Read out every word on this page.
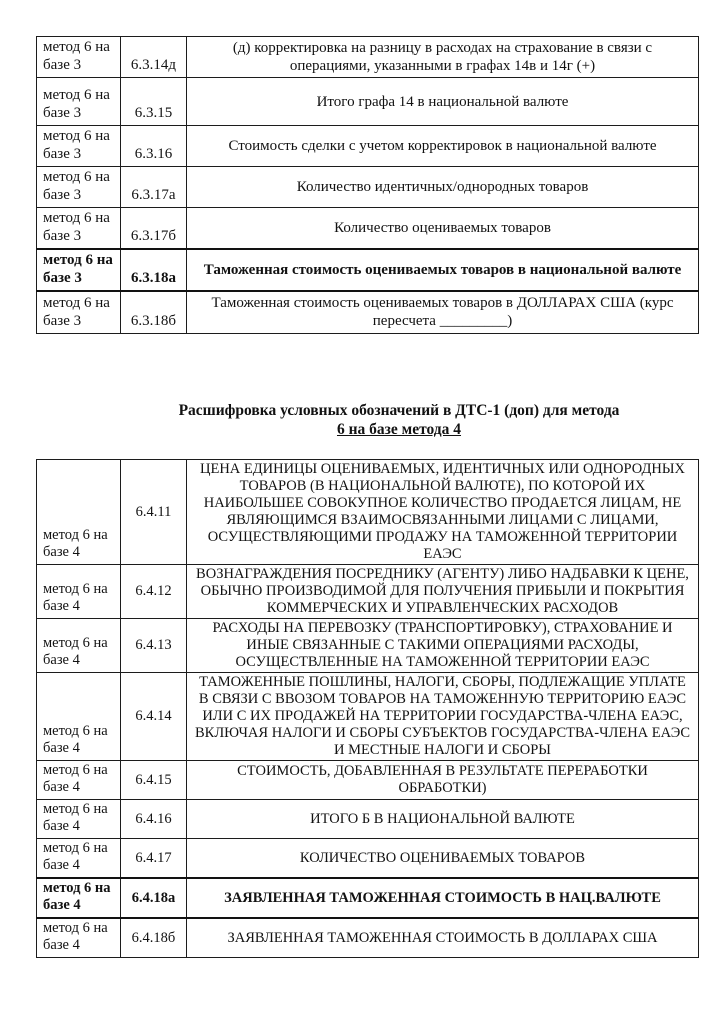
метод 6 на базе 3	6.3.14д	(д) корректировка на разницу в расходах на страхование в связи с операциями, указанными в графах 14в и 14г (+)
метод 6 на базе 3	6.3.15	Итого графа 14 в национальной валюте
метод 6 на базе 3	6.3.16	Стоимость сделки с учетом корректировок в национальной валюте
метод 6 на базе 3	6.3.17а	Количество идентичных/однородных товаров
метод 6 на базе 3	6.3.17б	Количество оцениваемых товаров
метод 6 на базе 3	6.3.18а	Таможенная стоимость оцениваемых товаров в национальной валюте
метод 6 на базе 3	6.3.18б	Таможенная стоимость оцениваемых товаров в ДОЛЛАРАХ США (курс пересчета _________)
Расшифровка условных обозначений в ДТС-1 (доп) для метода
6 на базе метода 4
метод 6 на базе 4	6.4.11	ЦЕНА ЕДИНИЦЫ ОЦЕНИВАЕМЫХ, ИДЕНТИЧНЫХ ИЛИ ОДНОРОДНЫХ ТОВАРОВ (В НАЦИОНАЛЬНОЙ ВАЛЮТЕ), ПО КОТОРОЙ ИХ НАИБОЛЬШЕЕ СОВОКУПНОЕ КОЛИЧЕСТВО ПРОДАЕТСЯ ЛИЦАМ, НЕ ЯВЛЯЮЩИМСЯ ВЗАИМОСВЯЗАННЫМИ ЛИЦАМИ С ЛИЦАМИ, ОСУЩЕСТВЛЯЮЩИМИ ПРОДАЖУ НА ТАМОЖЕННОЙ ТЕРРИТОРИИ ЕАЭС
метод 6 на базе 4	6.4.12	ВОЗНАГРАЖДЕНИЯ ПОСРЕДНИКУ (АГЕНТУ) ЛИБО НАДБАВКИ К ЦЕНЕ, ОБЫЧНО ПРОИЗВОДИМОЙ ДЛЯ ПОЛУЧЕНИЯ ПРИБЫЛИ И ПОКРЫТИЯ КОММЕРЧЕСКИХ И УПРАВЛЕНЧЕСКИХ РАСХОДОВ
метод 6 на базе 4	6.4.13	РАСХОДЫ НА ПЕРЕВОЗКУ (ТРАНСПОРТИРОВКУ), СТРАХОВАНИЕ И ИНЫЕ СВЯЗАННЫЕ С ТАКИМИ ОПЕРАЦИЯМИ РАСХОДЫ, ОСУЩЕСТВЛЕННЫЕ НА ТАМОЖЕННОЙ ТЕРРИТОРИИ ЕАЭС
метод 6 на базе 4	6.4.14	ТАМОЖЕННЫЕ ПОШЛИНЫ, НАЛОГИ, СБОРЫ, ПОДЛЕЖАЩИЕ УПЛАТЕ В СВЯЗИ С ВВОЗОМ ТОВАРОВ НА ТАМОЖЕННУЮ ТЕРРИТОРИЮ ЕАЭС ИЛИ С ИХ ПРОДАЖЕЙ НА ТЕРРИТОРИИ ГОСУДАРСТВА-ЧЛЕНА ЕАЭС, ВКЛЮЧАЯ НАЛОГИ И СБОРЫ СУБЪЕКТОВ ГОСУДАРСТВА-ЧЛЕНА ЕАЭС И МЕСТНЫЕ НАЛОГИ И СБОРЫ
метод 6 на базе 4	6.4.15	СТОИМОСТЬ, ДОБАВЛЕННАЯ В РЕЗУЛЬТАТЕ ПЕРЕРАБОТКИ ОБРАБОТКИ)
метод 6 на базе 4	6.4.16	ИТОГО Б В НАЦИОНАЛЬНОЙ ВАЛЮТЕ
метод 6 на базе 4	6.4.17	КОЛИЧЕСТВО ОЦЕНИВАЕМЫХ ТОВАРОВ
метод 6 на базе 4	6.4.18а	ЗАЯВЛЕННАЯ ТАМОЖЕННАЯ СТОИМОСТЬ В НАЦ.ВАЛЮТЕ
метод 6 на базе 4	6.4.18б	ЗАЯВЛЕННАЯ ТАМОЖЕННАЯ СТОИМОСТЬ В ДОЛЛАРАХ США
